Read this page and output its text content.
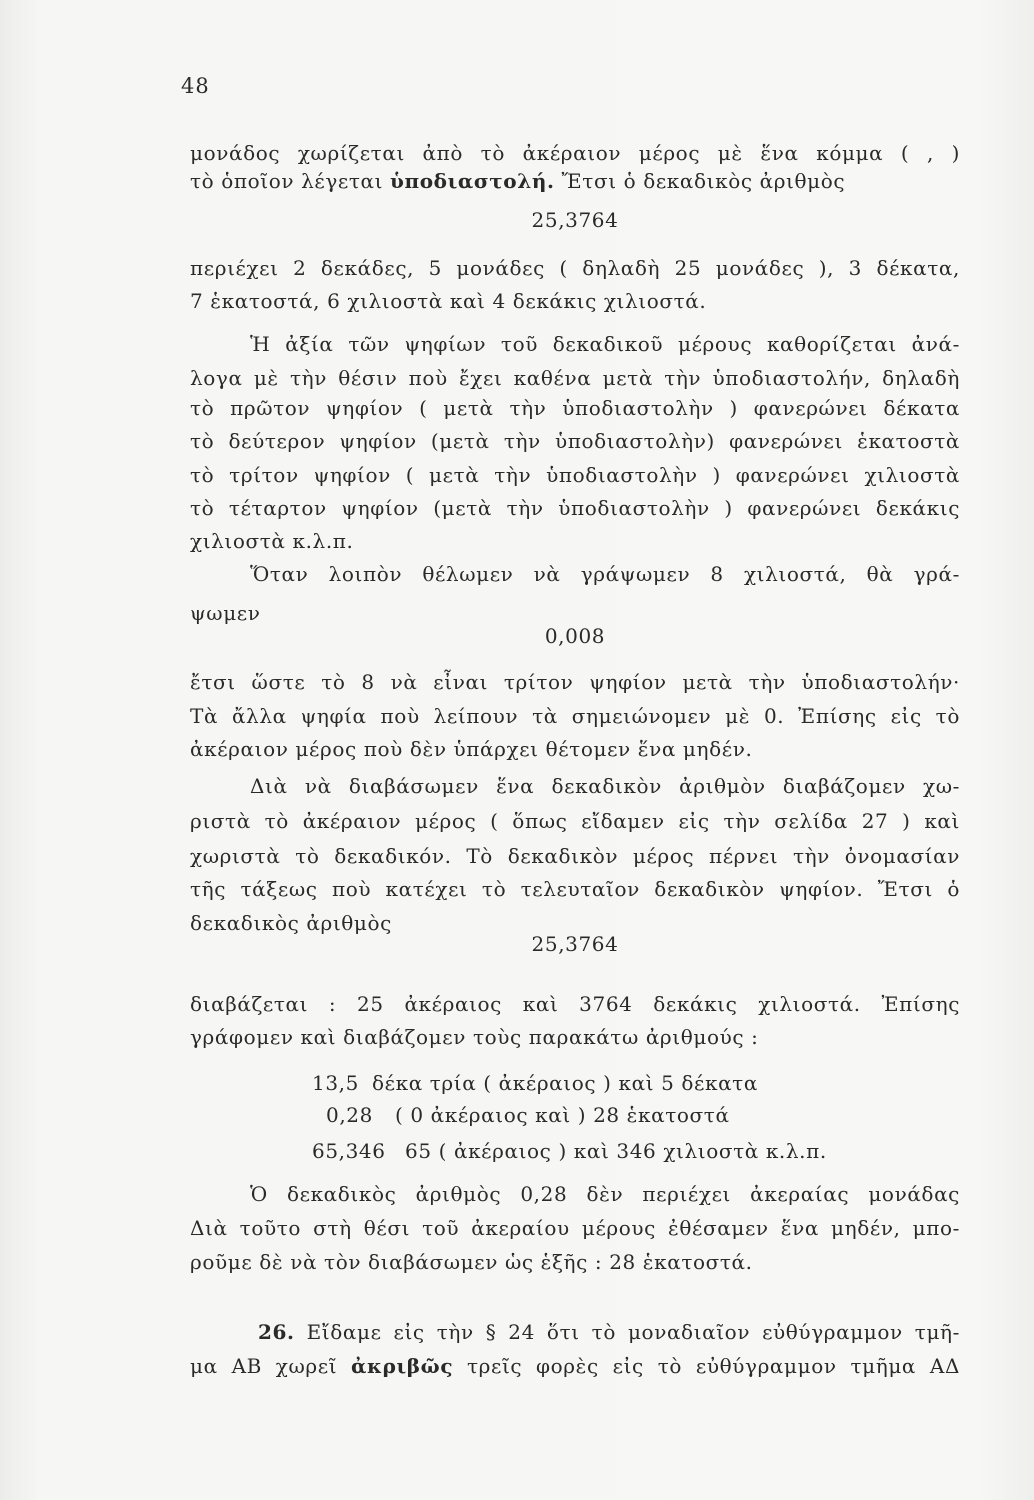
48
μονάδος χωρίζεται ἀπὸ τὸ ἀκέραιον μέρος μὲ ἕνα κόμμα ( , )
τὸ ὁποῖον λέγεται ὑποδιαστολή. Ἔτσι ὁ δεκαδικὸς ἀριθμὸς
25,3764
περιέχει 2 δεκάδες, 5 μονάδες ( δηλαδὴ 25 μονάδες ), 3 δέκατα,
7 ἑκατοστά, 6 χιλιοστὰ καὶ 4 δεκάκις χιλιοστά.
Ἡ ἀξία τῶν ψηφίων τοῦ δεκαδικοῦ μέρους καθορίζεται ἀνά-
λογα μὲ τὴν θέσιν ποὺ ἔχει καθένα μετὰ τὴν ὑποδιαστολήν, δηλαδὴ
τὸ πρῶτον ψηφίον ( μετὰ τὴν ὑποδιαστολὴν ) φανερώνει δέκατα
τὸ δεύτερον ψηφίον (μετὰ τὴν ὑποδιαστολὴν) φανερώνει ἑκατοστὰ
τὸ τρίτον ψηφίον ( μετὰ τὴν ὑποδιαστολὴν ) φανερώνει χιλιοστὰ
τὸ τέταρτον ψηφίον (μετὰ τὴν ὑποδιαστολὴν ) φανερώνει δεκάκις
χιλιοστὰ κ.λ.π.
Ὅταν λοιπὸν θέλωμεν νὰ γράψωμεν 8 χιλιοστά, θὰ γρά-
ψωμεν
0,008
ἔτσι ὥστε τὸ 8 νὰ εἶναι τρίτον ψηφίον μετὰ τὴν ὑποδιαστολήν·
Τὰ ἄλλα ψηφία ποὺ λείπουν τὰ σημειώνομεν μὲ 0. Ἐπίσης εἰς τὸ
ἀκέραιον μέρος ποὺ δὲν ὑπάρχει θέτομεν ἕνα μηδέν.
Διὰ νὰ διαβάσωμεν ἕνα δεκαδικὸν ἀριθμὸν διαβάζομεν χω-
ριστὰ τὸ ἀκέραιον μέρος ( ὅπως εἴδαμεν εἰς τὴν σελίδα 27 ) καὶ
χωριστὰ τὸ δεκαδικόν. Τὸ δεκαδικὸν μέρος πέρνει τὴν ὀνομασίαν
τῆς τάξεως ποὺ κατέχει τὸ τελευταῖον δεκαδικὸν ψηφίον. Ἔτσι ὁ
δεκαδικὸς ἀριθμὸς
25,3764
διαβάζεται : 25 ἀκέραιος καὶ 3764 δεκάκις χιλιοστά. Ἐπίσης
γράφομεν καὶ διαβάζομεν τοὺς παρακάτω ἀριθμούς :
13,5 δέκα τρία ( ἀκέραιος ) καὶ 5 δέκατα
0,28 ( 0 ἀκέραιος καὶ ) 28 ἑκατοστά
65,346 65 ( ἀκέραιος ) καὶ 346 χιλιοστὰ κ.λ.π.
Ὁ δεκαδικὸς ἀριθμὸς 0,28 δὲν περιέχει ἀκεραίας μονάδας
Διὰ τοῦτο στὴ θέσι τοῦ ἀκεραίου μέρους ἐθέσαμεν ἕνα μηδέν, μπο-
ροῦμε δὲ νὰ τὸν διαβάσωμεν ὡς ἑξῆς : 28 ἑκατοστά.
26. Εἴδαμε εἰς τὴν § 24 ὅτι τὸ μοναδιαῖον εὐθύγραμμον τμῆ-
μα ΑΒ χωρεῖ ἀκριβῶς τρεῖς φορὲς εἰς τὸ εὐθύγραμμον τμῆμα ΑΔ
